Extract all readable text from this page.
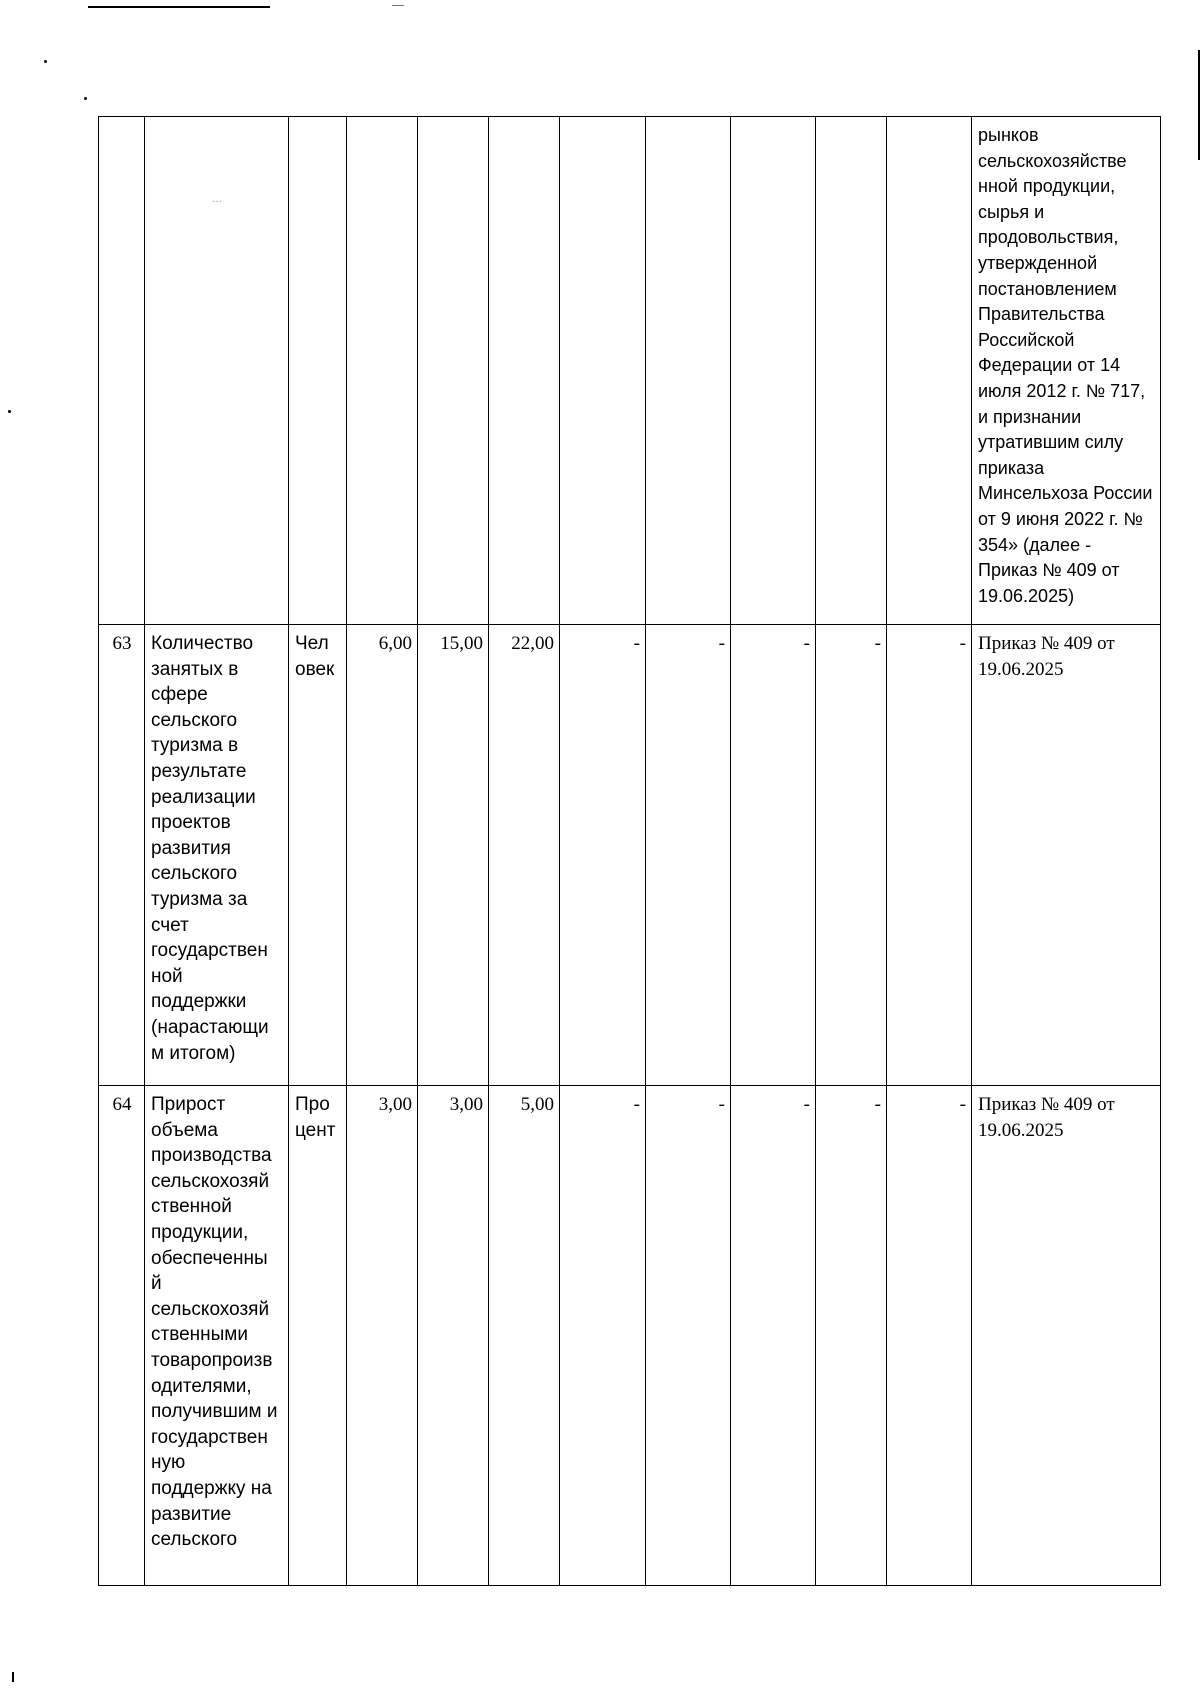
	···										рынков сельскохозяйстве нной продукции, сырья и продовольствия, утвержденной постановлением Правительства Российской Федерации от 14 июля 2012 г. № 717, и признании утратившим силу приказа Минсельхоза России от 9 июня 2022 г. № 354» (далее - Приказ № 409 от 19.06.2025)
63	Количество занятых в сфере сельского туризма в результате реализации проектов развития сельского туризма за счет государствен ной поддержки (нарастающи м итогом)	Чел овек	6,00	15,00	22,00	-	-	-	-	-	Приказ № 409 от 19.06.2025
64	Прирост объема производства сельскохозяй ственной продукции, обеспеченны й сельскохозяй ственными товаропроизв одителями, получившим и государствен ную поддержку на развитие сельского	Про цент	3,00	3,00	5,00	-	-	-	-	-	Приказ № 409 от 19.06.2025
